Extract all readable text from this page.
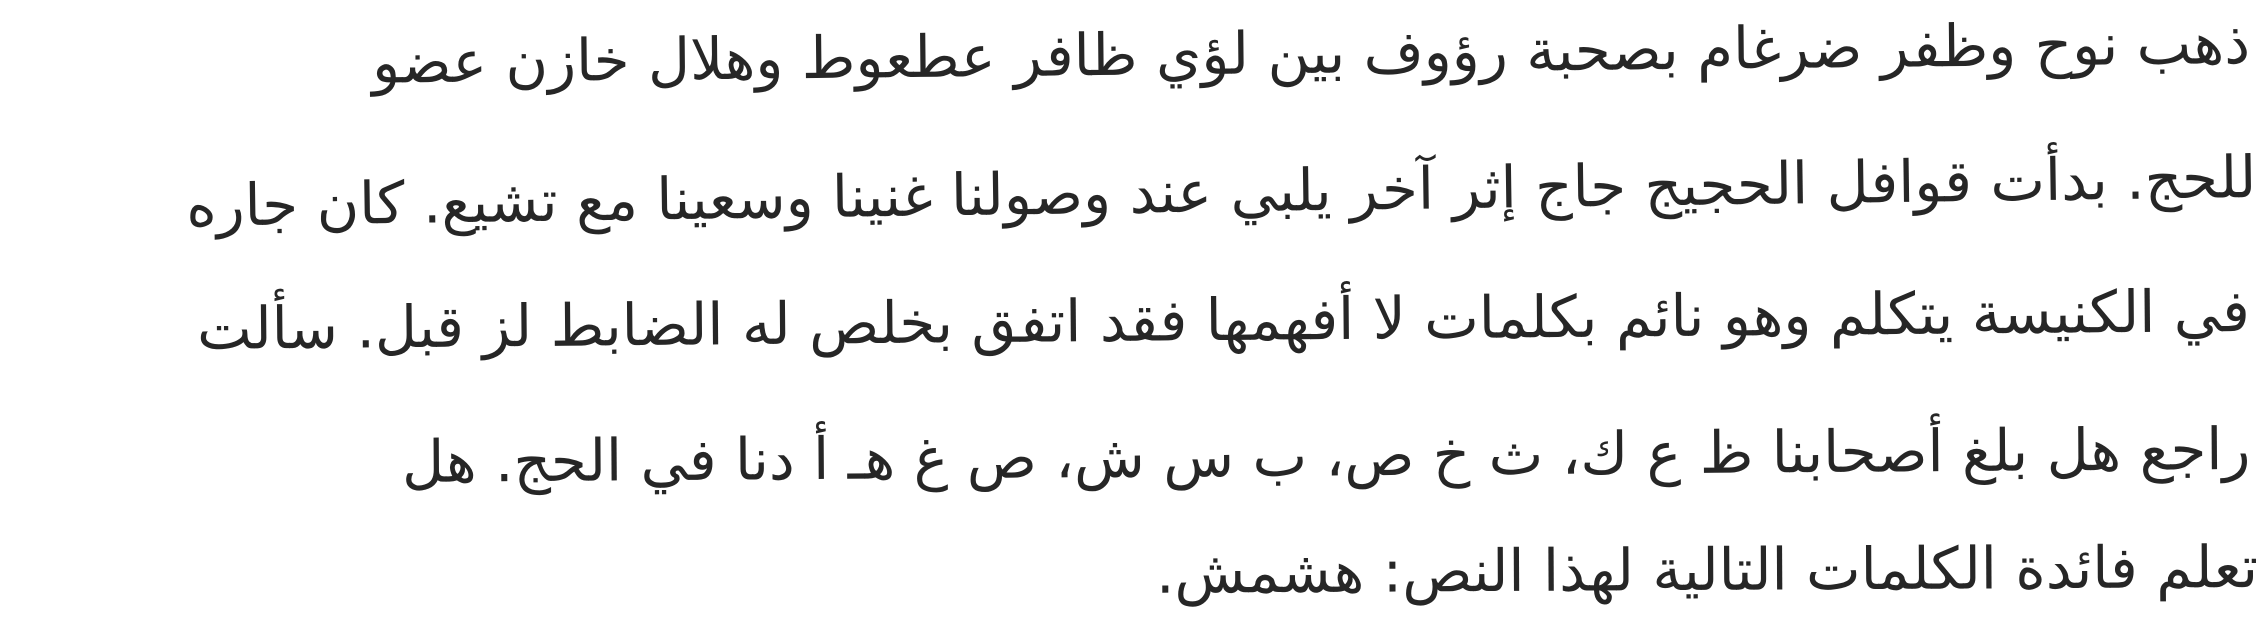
ذهب نوح وظفر ضرغام بصحبة رؤوف بين لؤي ظافر عطعوط وهلال خازن عضو

للحج. بدأت قوافل الحجيج جاج إثر آخر يلبي عند وصولنا غنينا وسعينا مع تشيع. كان جاره

في الكنيسة يتكلم وهو نائم بكلمات لا أفهمها فقد اتفق بخلص له الضابط لز قبل. سألت

راجع هل بلغ أصحابنا ظ ع ك، ث خ ص، ب س ش، ص غ هـ أ دنا في الحج. هل

تعلم فائدة الكلمات التالية لهذا النص: هشمش.
